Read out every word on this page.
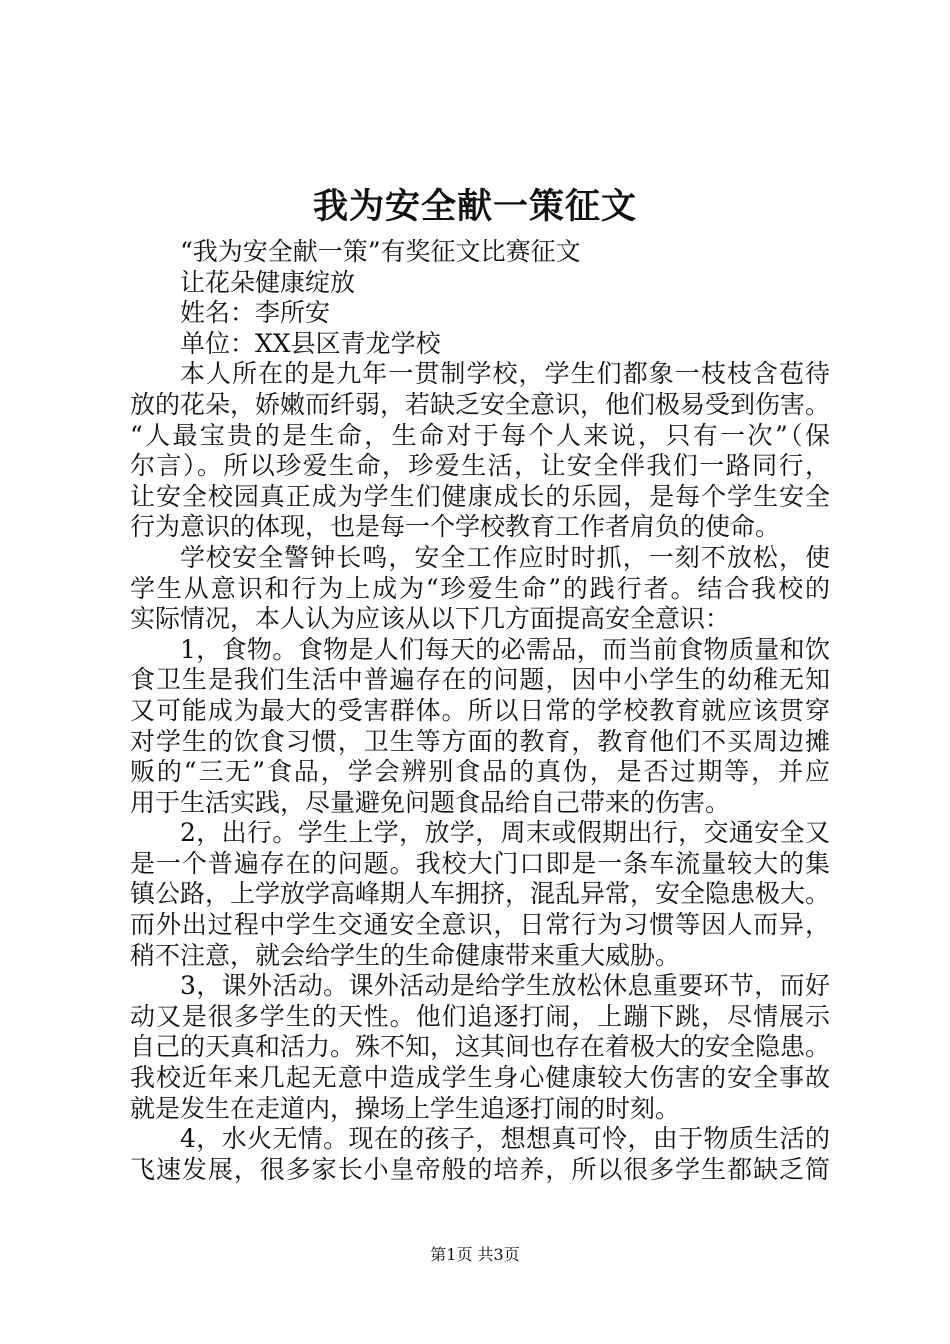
我为安全献一策征文
“我为安全献一策”有奖征文比赛征文
让花朵健康绽放
姓名：李所安
单位：XX县区青龙学校
本人所在的是九年一贯制学校，学生们都象一枝枝含苞待
放的花朵，娇嫩而纤弱，若缺乏安全意识，他们极易受到伤害。
“人最宝贵的是生命，生命对于每个人来说，只有一次”（保
尔言）。所以珍爱生命，珍爱生活，让安全伴我们一路同行，
让安全校园真正成为学生们健康成长的乐园，是每个学生安全
行为意识的体现，也是每一个学校教育工作者肩负的使命。
学校安全警钟长鸣，安全工作应时时抓，一刻不放松，使
学生从意识和行为上成为“珍爱生命”的践行者。结合我校的
实际情况，本人认为应该从以下几方面提高安全意识：
1，食物。食物是人们每天的必需品，而当前食物质量和饮
食卫生是我们生活中普遍存在的问题，因中小学生的幼稚无知
又可能成为最大的受害群体。所以日常的学校教育就应该贯穿
对学生的饮食习惯，卫生等方面的教育，教育他们不买周边摊
贩的“三无”食品，学会辨别食品的真伪，是否过期等，并应
用于生活实践，尽量避免问题食品给自己带来的伤害。
2，出行。学生上学，放学，周末或假期出行，交通安全又
是一个普遍存在的问题。我校大门口即是一条车流量较大的集
镇公路，上学放学高峰期人车拥挤，混乱异常，安全隐患极大。
而外出过程中学生交通安全意识，日常行为习惯等因人而异，
稍不注意，就会给学生的生命健康带来重大威胁。
3，课外活动。课外活动是给学生放松休息重要环节，而好
动又是很多学生的天性。他们追逐打闹，上蹦下跳，尽情展示
自己的天真和活力。殊不知，这其间也存在着极大的安全隐患。
我校近年来几起无意中造成学生身心健康较大伤害的安全事故
就是发生在走道内，操场上学生追逐打闹的时刻。
4，水火无情。现在的孩子，想想真可怜，由于物质生活的
飞速发展，很多家长小皇帝般的培养，所以很多学生都缺乏简
第1页 共3页
